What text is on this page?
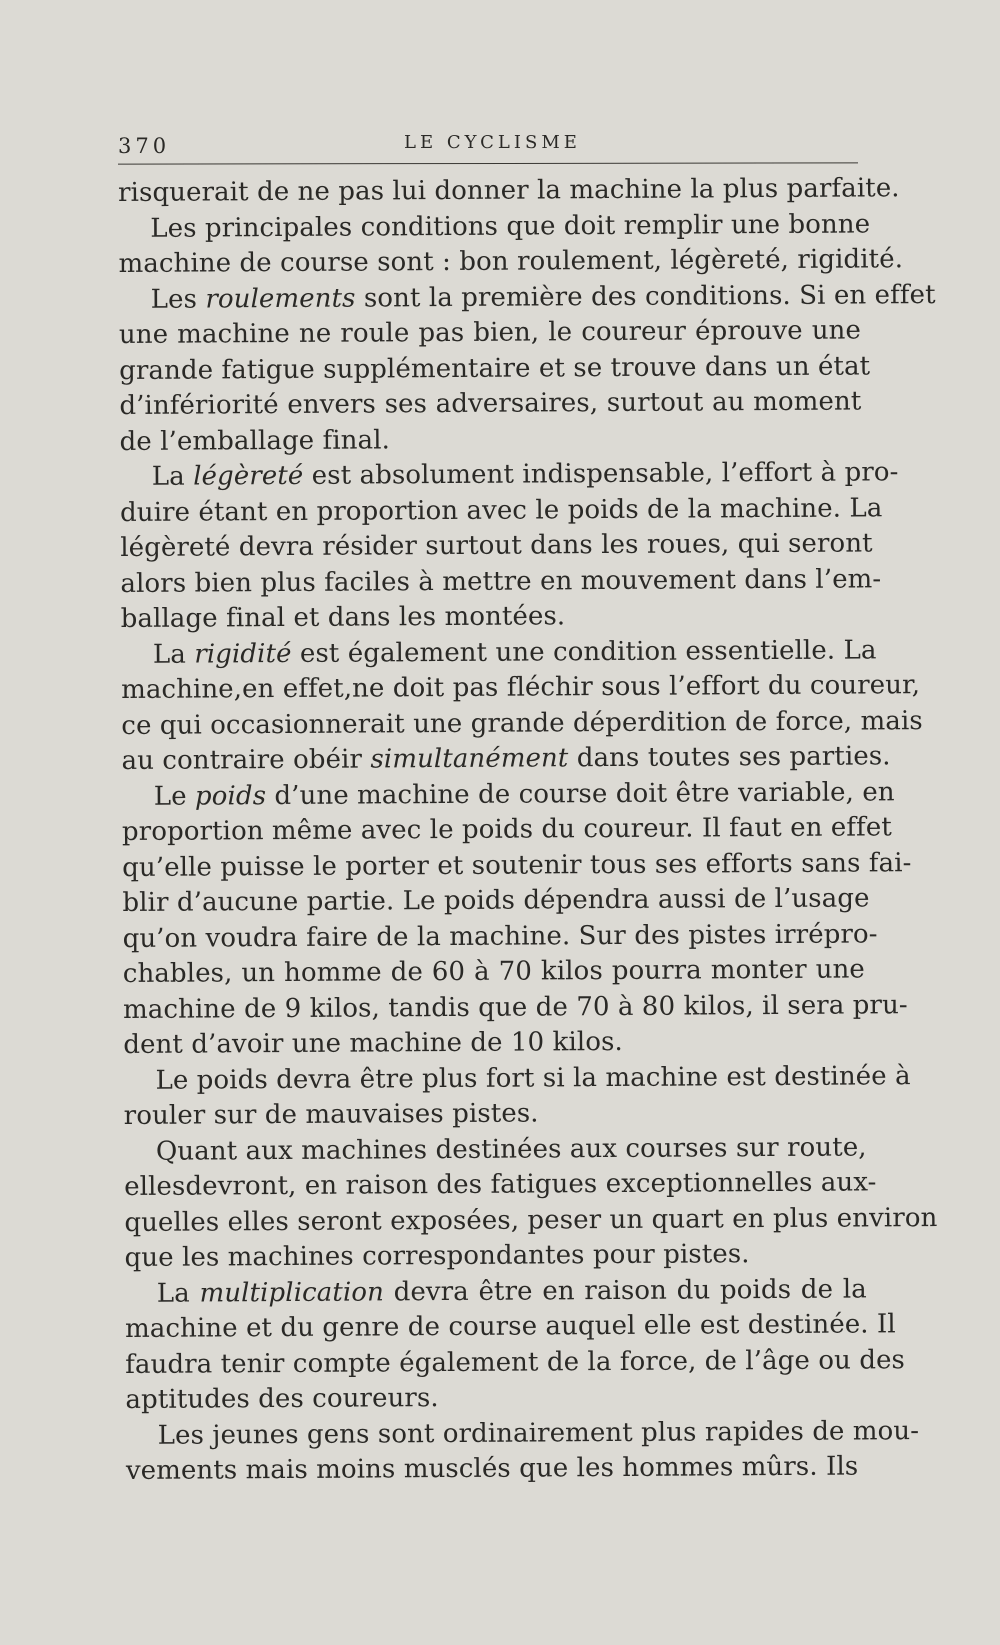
370	LE CYCLISME
risquerait de ne pas lui donner la machine la plus parfaite.
Les principales conditions que doit remplir une bonne
machine de course sont : bon roulement, légèreté, rigidité.
Les roulements sont la première des conditions. Si en effet
une machine ne roule pas bien, le coureur éprouve une
grande fatigue supplémentaire et se trouve dans un état
d’infériorité envers ses adversaires, surtout au moment
de l’emballage final.
La légèreté est absolument indispensable, l’effort à pro-
duire étant en proportion avec le poids de la machine. La
légèreté devra résider surtout dans les roues, qui seront
alors bien plus faciles à mettre en mouvement dans l’em-
ballage final et dans les montées.
La rigidité est également une condition essentielle. La
machine,en effet,ne doit pas fléchir sous l’effort du coureur,
ce qui occasionnerait une grande déperdition de force, mais
au contraire obéir simultanément dans toutes ses parties.
Le poids d’une machine de course doit être variable, en
proportion même avec le poids du coureur. Il faut en effet
qu’elle puisse le porter et soutenir tous ses efforts sans fai-
blir d’aucune partie. Le poids dépendra aussi de l’usage
qu’on voudra faire de la machine. Sur des pistes irrépro-
chables, un homme de 60 à 70 kilos pourra monter une
machine de 9 kilos, tandis que de 70 à 80 kilos, il sera pru-
dent d’avoir une machine de 10 kilos.
Le poids devra être plus fort si la machine est destinée à
rouler sur de mauvaises pistes.
Quant aux machines destinées aux courses sur route,
ellesdevront, en raison des fatigues exceptionnelles aux-
quelles elles seront exposées, peser un quart en plus environ
que les machines correspondantes pour pistes.
La multiplication devra être en raison du poids de la
machine et du genre de course auquel elle est destinée. Il
faudra tenir compte également de la force, de l’âge ou des
aptitudes des coureurs.
Les jeunes gens sont ordinairement plus rapides de mou-
vements mais moins musclés que les hommes mûrs. Ils
